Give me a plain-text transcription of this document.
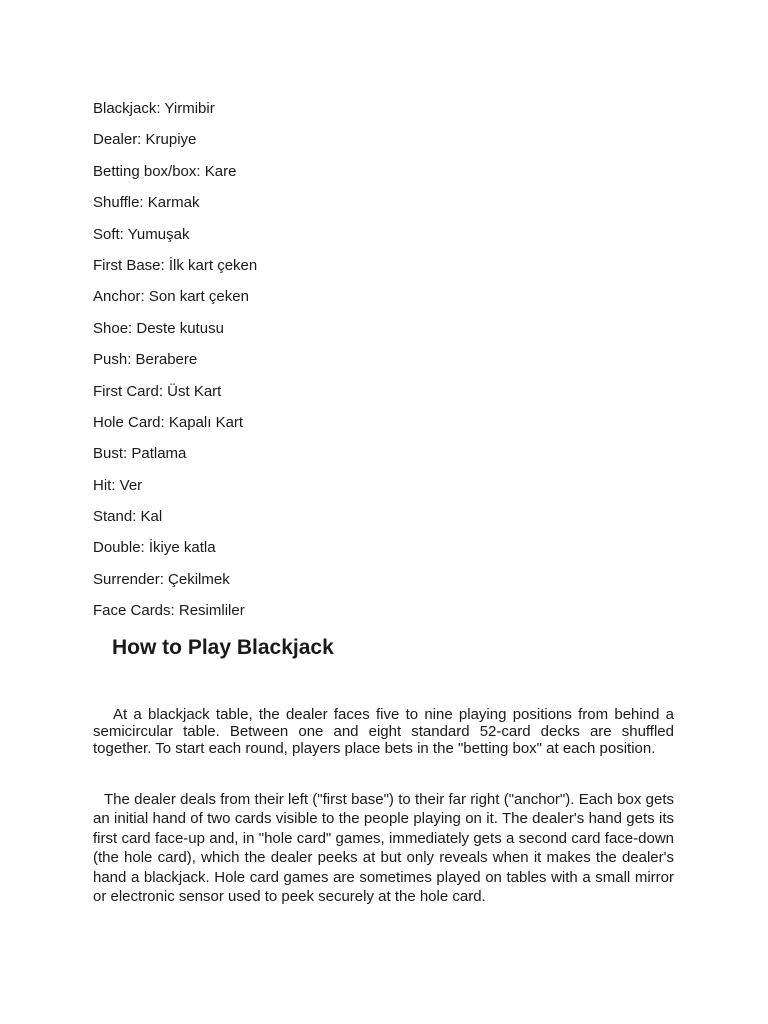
Blackjack: Yirmibir
Dealer: Krupiye
Betting box/box: Kare
Shuffle: Karmak
Soft: Yumuşak
First Base: İlk kart çeken
Anchor: Son kart çeken
Shoe: Deste kutusu
Push: Berabere
First Card: Üst Kart
Hole Card: Kapalı Kart
Bust: Patlama
Hit: Ver
Stand: Kal
Double: İkiye katla
Surrender: Çekilmek
Face Cards: Resimliler
How to Play Blackjack

At a blackjack table, the dealer faces five to nine playing positions from behind a semicircular table. Between one and eight standard 52-card decks are shuffled together. To start each round, players place bets in the "betting box" at each position.

The dealer deals from their left ("first base") to their far right ("anchor"). Each box gets an initial hand of two cards visible to the people playing on it. The dealer's hand gets its first card face-up and, in "hole card" games, immediately gets a second card face-down (the hole card), which the dealer peeks at but only reveals when it makes the dealer's hand a blackjack. Hole card games are sometimes played on tables with a small mirror or electronic sensor used to peek securely at the hole card.
